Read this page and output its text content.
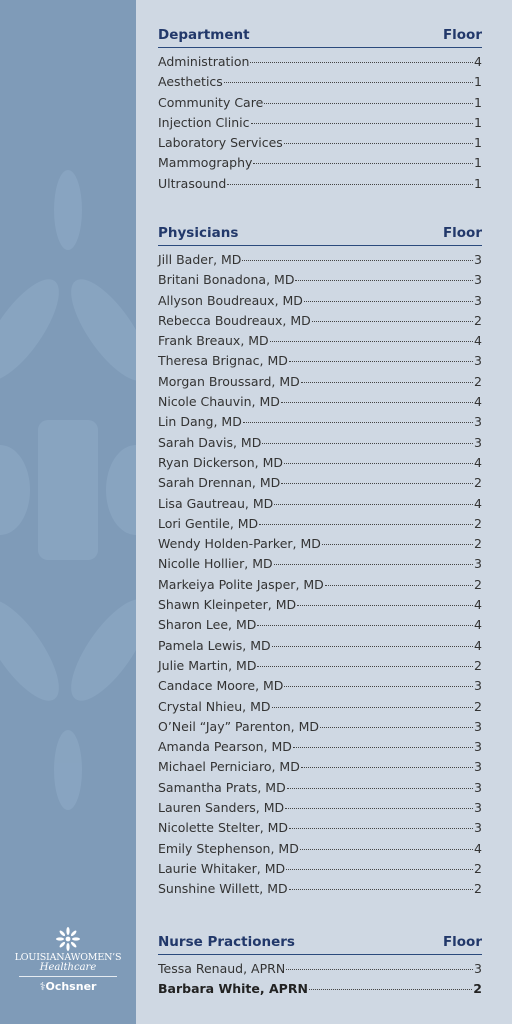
LOUISIANAWOMEN’S
Healthcare
⚕Ochsner
Department	Floor
Administration	4
Aesthetics	1
Community Care	1
Injection Clinic	1
Laboratory Services	1
Mammography	1
Ultrasound	1
Physicians	Floor
Jill Bader, MD	3
Britani Bonadona, MD	3
Allyson Boudreaux, MD	3
Rebecca Boudreaux, MD	2
Frank Breaux, MD	4
Theresa Brignac, MD	3
Morgan Broussard, MD	2
Nicole Chauvin, MD	4
Lin Dang, MD	3
Sarah Davis, MD	3
Ryan Dickerson, MD	4
Sarah Drennan, MD	2
Lisa Gautreau, MD	4
Lori Gentile, MD	2
Wendy Holden-Parker, MD	2
Nicolle Hollier, MD	3
Markeiya Polite Jasper, MD	2
Shawn Kleinpeter, MD	4
Sharon Lee, MD	4
Pamela Lewis, MD	4
Julie Martin, MD	2
Candace Moore, MD	3
Crystal Nhieu, MD	2
O’Neil “Jay” Parenton, MD	3
Amanda Pearson, MD	3
Michael Perniciaro, MD	3
Samantha Prats, MD	3
Lauren Sanders, MD	3
Nicolette Stelter, MD	3
Emily Stephenson, MD	4
Laurie Whitaker, MD	2
Sunshine Willett, MD	2
Nurse Practioners	Floor
Tessa Renaud, APRN	3
Barbara White, APRN	2
